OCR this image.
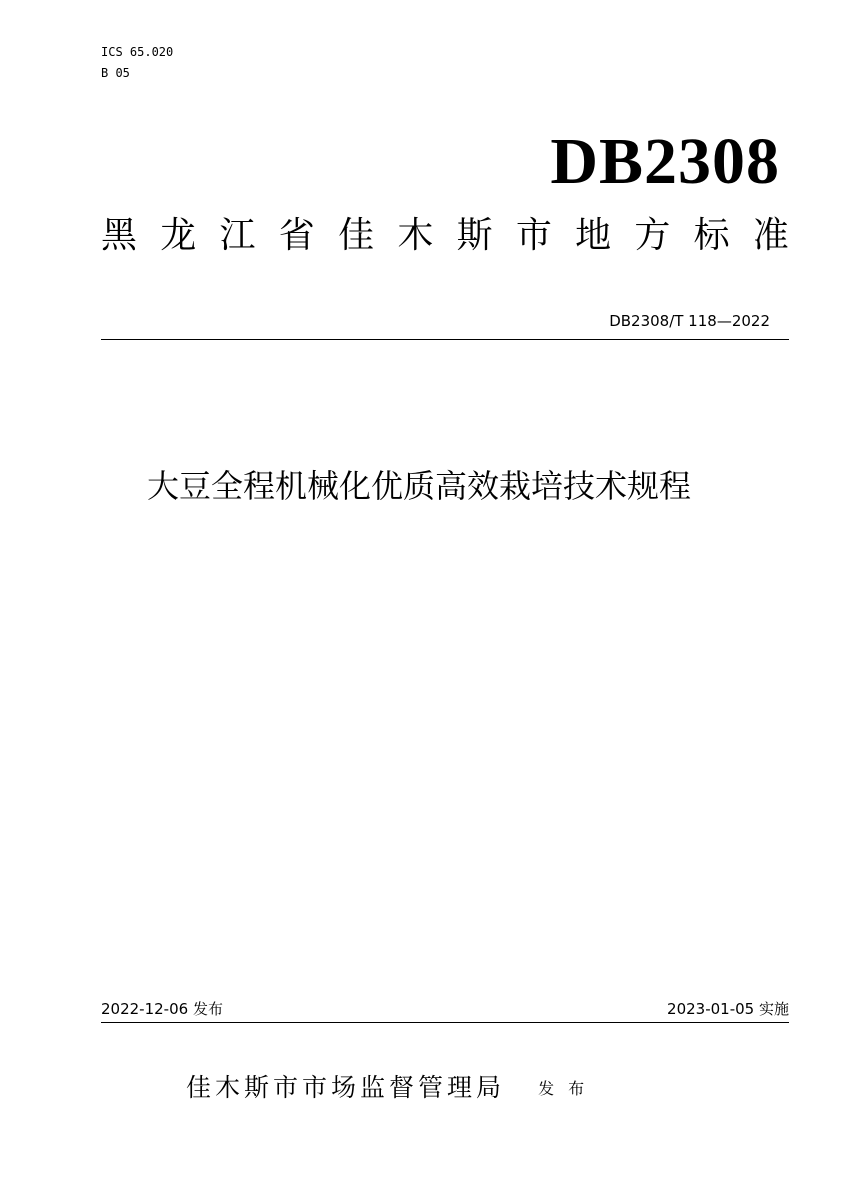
ICS 65.020
B 05
DB2308
黑 龙 江 省 佳 木 斯 市 地 方 标 准
DB2308/T 118—2022
大豆全程机械化优质高效栽培技术规程
2022-12-06 发布	2023-01-05 实施
佳木斯市市场监督管理局 发布
